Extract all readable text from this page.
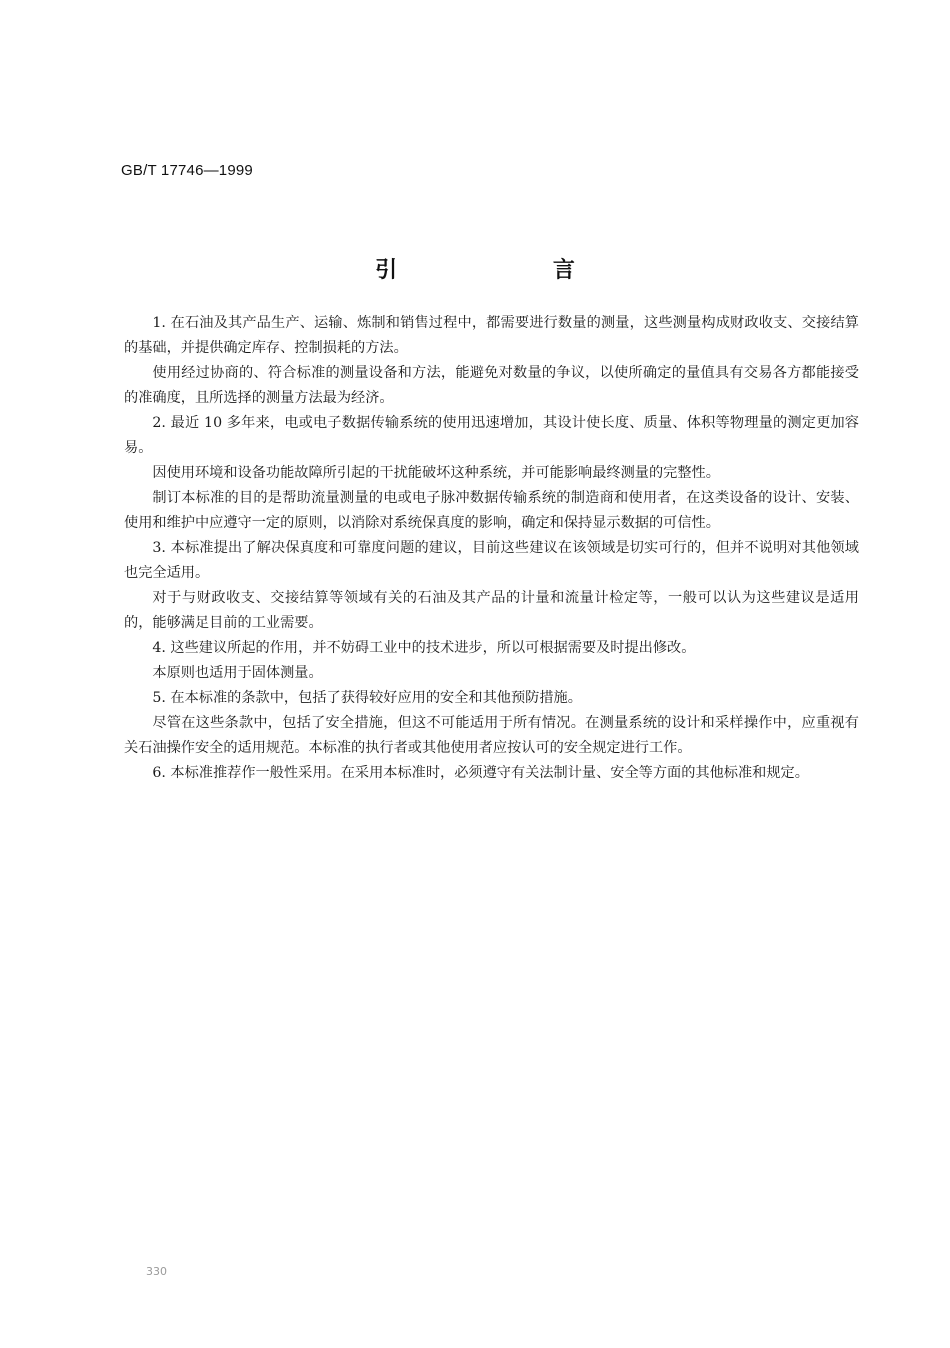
GB/T 17746—1999
引 言

1. 在石油及其产品生产、运输、炼制和销售过程中，都需要进行数量的测量，这些测量构成财政收支、交接结算的基础，并提供确定库存、控制损耗的方法。

使用经过协商的、符合标准的测量设备和方法，能避免对数量的争议，以使所确定的量值具有交易各方都能接受的准确度，且所选择的测量方法最为经济。

2. 最近 10 多年来，电或电子数据传输系统的使用迅速增加，其设计使长度、质量、体积等物理量的测定更加容易。

因使用环境和设备功能故障所引起的干扰能破坏这种系统，并可能影响最终测量的完整性。

制订本标准的目的是帮助流量测量的电或电子脉冲数据传输系统的制造商和使用者，在这类设备的设计、安装、使用和维护中应遵守一定的原则，以消除对系统保真度的影响，确定和保持显示数据的可信性。

3. 本标准提出了解决保真度和可靠度问题的建议，目前这些建议在该领域是切实可行的，但并不说明对其他领域也完全适用。

对于与财政收支、交接结算等领域有关的石油及其产品的计量和流量计检定等，一般可以认为这些建议是适用的，能够满足目前的工业需要。

4. 这些建议所起的作用，并不妨碍工业中的技术进步，所以可根据需要及时提出修改。

本原则也适用于固体测量。

5. 在本标准的条款中，包括了获得较好应用的安全和其他预防措施。

尽管在这些条款中，包括了安全措施，但这不可能适用于所有情况。在测量系统的设计和采样操作中，应重视有关石油操作安全的适用规范。本标准的执行者或其他使用者应按认可的安全规定进行工作。

6. 本标准推荐作一般性采用。在采用本标准时，必须遵守有关法制计量、安全等方面的其他标准和规定。

330
